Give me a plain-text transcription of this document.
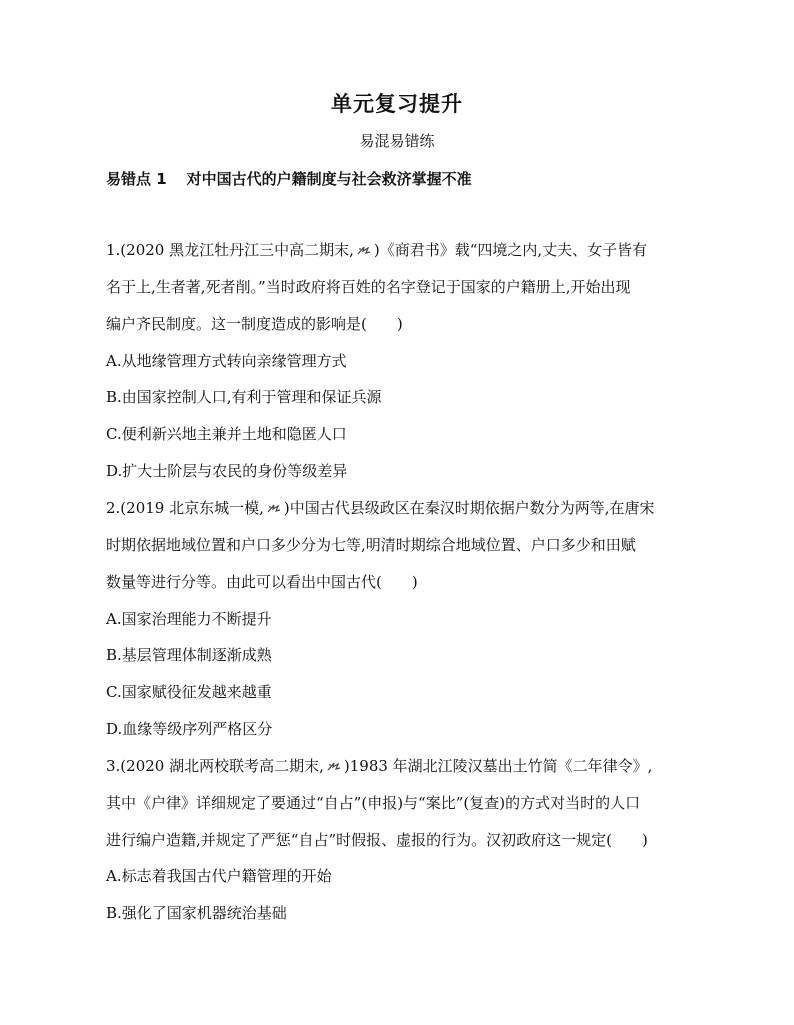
单元复习提升
易混易错练
易错点 1 对中国古代的户籍制度与社会救济掌握不准
1.(2020 黑龙江牡丹江三中高二期末, )《商君书》载“四境之内,丈夫、女子皆有
名于上,生者著,死者削。”当时政府将百姓的名字登记于国家的户籍册上,开始出现
编户齐民制度。这一制度造成的影响是(　　)
A.从地缘管理方式转向亲缘管理方式
B.由国家控制人口,有利于管理和保证兵源
C.便利新兴地主兼并土地和隐匿人口
D.扩大士阶层与农民的身份等级差异
2.(2019 北京东城一模, )中国古代县级政区在秦汉时期依据户数分为两等,在唐宋
时期依据地域位置和户口多少分为七等,明清时期综合地域位置、户口多少和田赋
数量等进行分等。由此可以看出中国古代(　　)
A.国家治理能力不断提升
B.基层管理体制逐渐成熟
C.国家赋役征发越来越重
D.血缘等级序列严格区分
3.(2020 湖北两校联考高二期末, )1983 年湖北江陵汉墓出土竹简《二年律令》,
其中《户律》详细规定了要通过“自占”(申报)与“案比”(复查)的方式对当时的人口
进行编户造籍,并规定了严惩“自占”时假报、虚报的行为。汉初政府这一规定(　　)
A.标志着我国古代户籍管理的开始
B.强化了国家机器统治基础
